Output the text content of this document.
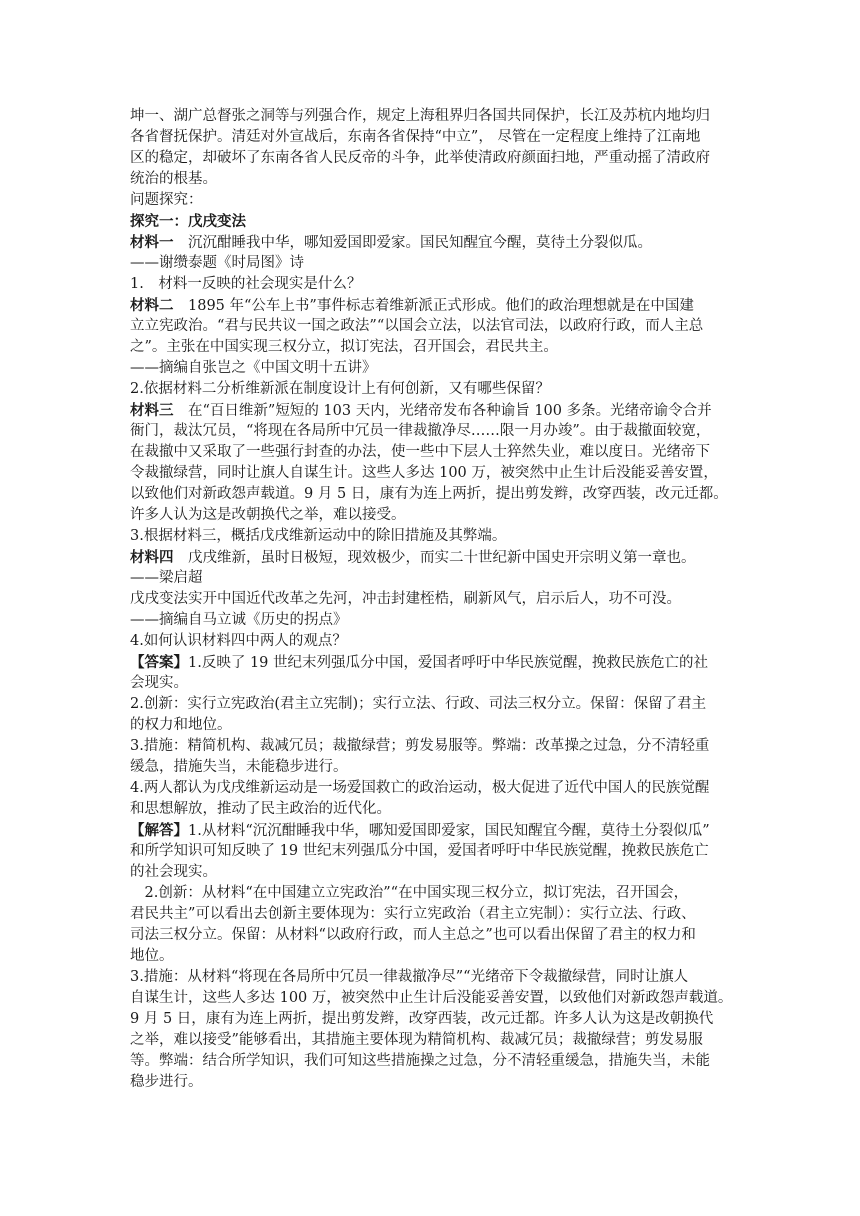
坤一、湖广总督张之洞等与列强合作，规定上海租界归各国共同保护，长江及苏杭内地均归
各省督抚保护。清廷对外宣战后，东南各省保持“中立”， 尽管在一定程度上维持了江南地
区的稳定，却破坏了东南各省人民反帝的斗争，此举使清政府颜面扫地，严重动摇了清政府
统治的根基。
问题探究：
探究一：戊戌变法
材料一　沉沉酣睡我中华，哪知爱国即爱家。国民知醒宜今醒，莫待土分裂似瓜。
——谢缵泰题《时局图》诗
1.　材料一反映的社会现实是什么？
材料二　1895 年“公车上书”事件标志着维新派正式形成。他们的政治理想就是在中国建
立立宪政治。“君与民共议一国之政法”“以国会立法，以法官司法，以政府行政，而人主总
之”。主张在中国实现三权分立，拟订宪法，召开国会，君民共主。
——摘编自张岂之《中国文明十五讲》
2.依据材料二分析维新派在制度设计上有何创新，又有哪些保留？
材料三　在“百日维新”短短的 103 天内，光绪帝发布各种谕旨 100 多条。光绪帝谕令合并
衙门，裁汰冗员，“将现在各局所中冗员一律裁撤净尽……限一月办竣”。由于裁撤面较宽，
在裁撤中又采取了一些强行封查的办法，使一些中下层人士猝然失业，难以度日。光绪帝下
令裁撤绿营，同时让旗人自谋生计。这些人多达 100 万，被突然中止生计后没能妥善安置，
以致他们对新政怨声载道。9 月 5 日，康有为连上两折，提出剪发辫，改穿西装，改元迁都。
许多人认为这是改朝换代之举，难以接受。
3.根据材料三，概括戊戌维新运动中的除旧措施及其弊端。
材料四　戊戌维新，虽时日极短，现效极少，而实二十世纪新中国史开宗明义第一章也。
——梁启超
戊戌变法实开中国近代改革之先河，冲击封建桎梏，刷新风气，启示后人，功不可没。
——摘编自马立诚《历史的拐点》
4.如何认识材料四中两人的观点？
【答案】1.反映了 19 世纪末列强瓜分中国，爱国者呼吁中华民族觉醒，挽救民族危亡的社
会现实。
2.创新：实行立宪政治(君主立宪制)；实行立法、行政、司法三权分立。保留：保留了君主
的权力和地位。
3.措施：精简机构、裁减冗员；裁撤绿营；剪发易服等。弊端：改革操之过急，分不清轻重
缓急，措施失当，未能稳步进行。
4.两人都认为戊戌维新运动是一场爱国救亡的政治运动，极大促进了近代中国人的民族觉醒
和思想解放，推动了民主政治的近代化。
【解答】1.从材料“沉沉酣睡我中华，哪知爱国即爱家，国民知醒宜今醒，莫待土分裂似瓜”
和所学知识可知反映了 19 世纪末列强瓜分中国，爱国者呼吁中华民族觉醒，挽救民族危亡
的社会现实。
　2.创新：从材料“在中国建立立宪政治”“在中国实现三权分立，拟订宪法，召开国会，
君民共主”可以看出去创新主要体现为：实行立宪政治（君主立宪制）：实行立法、行政、
司法三权分立。保留：从材料“以政府行政，而人主总之”也可以看出保留了君主的权力和
地位。
3.措施：从材料“将现在各局所中冗员一律裁撤净尽”“光绪帝下令裁撤绿营，同时让旗人
自谋生计，这些人多达 100 万，被突然中止生计后没能妥善安置，以致他们对新政怨声载道。
9 月 5 日，康有为连上两折，提出剪发辫，改穿西装，改元迁都。许多人认为这是改朝换代
之举，难以接受”能够看出，其措施主要体现为精简机构、裁减冗员；裁撤绿营；剪发易服
等。弊端：结合所学知识，我们可知这些措施操之过急，分不清轻重缓急，措施失当，未能
稳步进行。
